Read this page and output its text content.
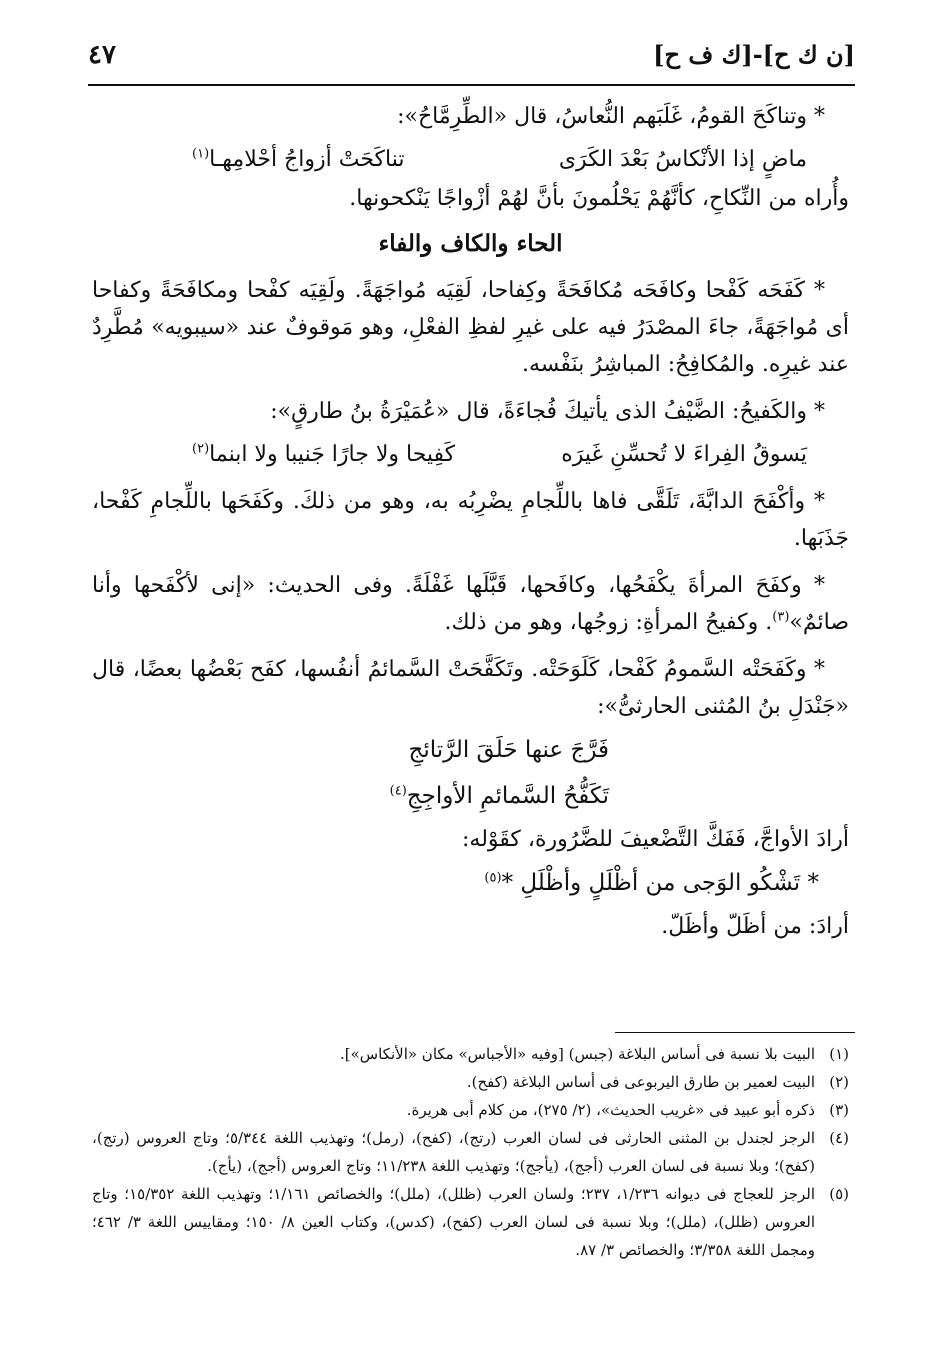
[ن ك ح]-[ك ف ح]
٤٧

* وتناكَحَ القومُ، غَلَبَهم النُّعاسُ، قال «الطِّرِمَّاحُ»:

ماضٍ إذا الأنْكاسُ بَعْدَ الكَرَى
تناكَحَتْ أزواجُ أحْلامِهـا$^{(١)}$

وأُراه من النِّكاحِ، كأنَّهُمْ يَحْلُمونَ بأنَّ لهُمْ أزْواجًا يَنْكحونها.

الحاء والكاف والفاء

* كَفَحَه كَفْحا وكافَحَه مُكافَحَةً وكِفاحا، لَقِيَه مُواجَهَةً. ولَقِيَه كفْحا ومكافَحَةً وكفاحا أى مُواجَهَةً، جاءَ المصْدَرُ فيه على غيرِ لفظِ الفعْلِ، وهو مَوقوفٌ عند «سيبويه» مُطَّرِدٌ عند غيرِه. والمُكافِحُ: المباشِرُ بنَفْسه.

* والكَفيحُ: الضَّيْفُ الذى يأتيكَ فُجاءَةً، قال «عُمَيْرَةُ بنُ طارقٍ»:

يَسوقُ الفِراءَ لا تُحسِّنِ غَيرَه
كَفِيحا ولا جارًا جَنيبا ولا ابنما$^{(٢)}$

* وأكْفَحَ الدابَّةَ، تَلَقَّى فاها باللِّجامِ يضْرِبُه به، وهو من ذلكَ. وكَفَحَها باللِّجامِ كَفْحا، جَذَبَها.

* وكفَحَ المرأةَ يكْفَحُها، وكافَحها، قَبَّلَها غَفْلَةً. وفى الحديث: «إنى لأكْفَحها وأنا صائمٌ»$^{(٣)}$. وكفيحُ المرأةِ: زوجُها، وهو من ذلك.

* وكَفَحَتْه السَّمومُ كَفْحا، كَلَوَحَتْه. وتَكَفَّحَتْ السَّمائمُ أنفُسها، كفَح بَعْضُها بعضًا، قال «جَنْدَلِ بنُ المُثنى الحارثىُّ»:

فَرَّجَ عنها حَلَقَ الرَّتائجِ

تَكَفُّحُ السَّمائمِ الأواجِجِ$^{(٤)}$

أرادَ الأواجَّ، فَفَكَّ التَّضْعيفَ للضَّرُورة، كقَوْله:

* تَشْكُو الوَجى من أظْلَلٍ وأظْلَلِ *$^{(٥)}$

أرادَ: من أظَلّ وأظَلّ.

(١)
البيت بلا نسبة فى أساس البلاغة (جبس) [وفيه «الأجباس» مكان «الأنكاس»].
(٢)
البيت لعمير بن طارق اليربوعى فى أساس البلاغة (كفح).
(٣)
ذكره أبو عبيد فى «غريب الحديث»، (٢/ ٢٧٥)، من كلام أبى هريرة.
(٤)
الرجز لجندل بن المثنى الحارثى فى لسان العرب (رتج)، (كفح)، (رمل)؛ وتهذيب اللغة ٥/٣٤٤؛ وتاج العروس (رتج)، (كفح)؛ وبلا نسبة فى لسان العرب (أجج)، (يأجج)؛ وتهذيب اللغة ١١/٢٣٨؛ وتاج العروس (أجج)، (يأج).
(٥)
الرجز للعجاج فى ديوانه ١/٢٣٦، ٢٣٧؛ ولسان العرب (ظلل)، (ملل)؛ والخصائص ١/١٦١؛ وتهذيب اللغة ١٥/٣٥٢؛ وتاج العروس (ظلل)، (ملل)؛ وبلا نسبة فى لسان العرب (كفح)، (كدس)، وكتاب العين ٨/ ١٥٠؛ ومقاييس اللغة ٣/ ٤٦٢؛ ومجمل اللغة ٣/٣٥٨؛ والخصائص ٣/ ٨٧.
